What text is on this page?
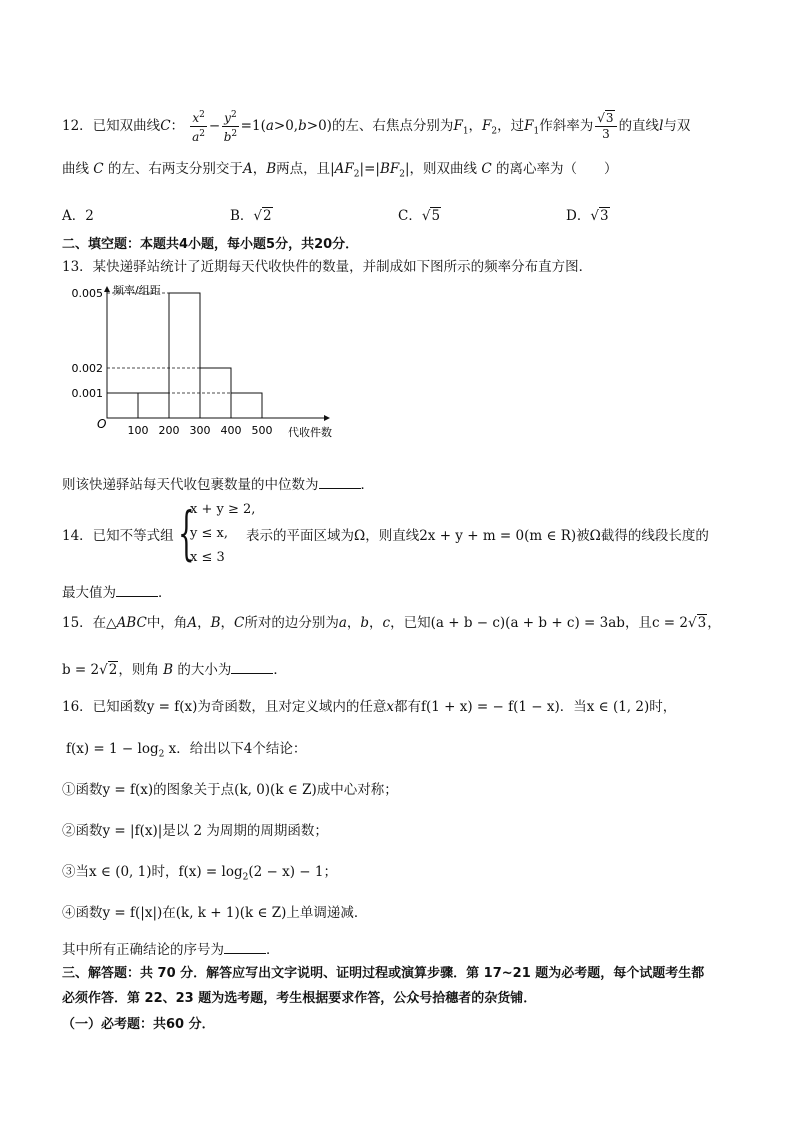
12．已知双曲线C： $\frac{x^2}{a^2} - \frac{y^2}{b^2} =1(a>0,b>0)$的左、右焦点分别为$F_1$，$F_2$，过$F_1$作斜率为 $\frac{√3}{3}$ 的直线l与双
曲线 C 的左、右两支分别交于A，B两点，且$|AF_2|=|BF_2|$，则双曲线 C 的离心率为（　　）
A．2	B．√2	C．√5	D．√3
二、填空题：本题共4小题，每小题5分，共20分．
13．某快递驿站统计了近期每天代收快件的数量，并制成如下图所示的频率分布直方图．
0.005
0.002
0.001
100 200 300 400 500
O
频率/组距
代收件数
则该快递驿站每天代收包裹数量的中位数为	．
14．已知不等式组 {
x + y ≥ 2,
y ≤ x,
x ≤ 3
表示的平面区域为Ω，则直线2x + y + m = 0(m ∈ R)被Ω截得的线段长度的
最大值为	．
15．在△ABC中，角A，B，C所对的边分别为a，b，c，已知(a + b − c)(a + b + c) = 3ab，且c = 2√3，
b = 2√2，则角 B 的大小为	．
16．已知函数y = f(x)为奇函数，且对定义域内的任意x都有f(1 + x) = − f(1 − x)．当x ∈ (1, 2)时，
$f(x) = 1 - \log_2 x$．给出以下4个结论：
①函数y = f(x)的图象关于点(k, 0)(k ∈ Z)成中心对称；
②函数y = |f(x)|是以 2 为周期的周期函数；
③当x ∈ (0, 1)时，$f(x) = \log_2(2 - x) - 1$；
④函数y = f(|x|)在(k, k + 1)(k ∈ Z)上单调递减．
其中所有正确结论的序号为	．
三、解答题：共 70 分．解答应写出文字说明、证明过程或演算步骤．第 17~21 题为必考题，每个试题考生都
必须作答．第 22、23 题为选考题，考生根据要求作答，公众号拾穗者的杂货铺．
（一）必考题：共60 分．
